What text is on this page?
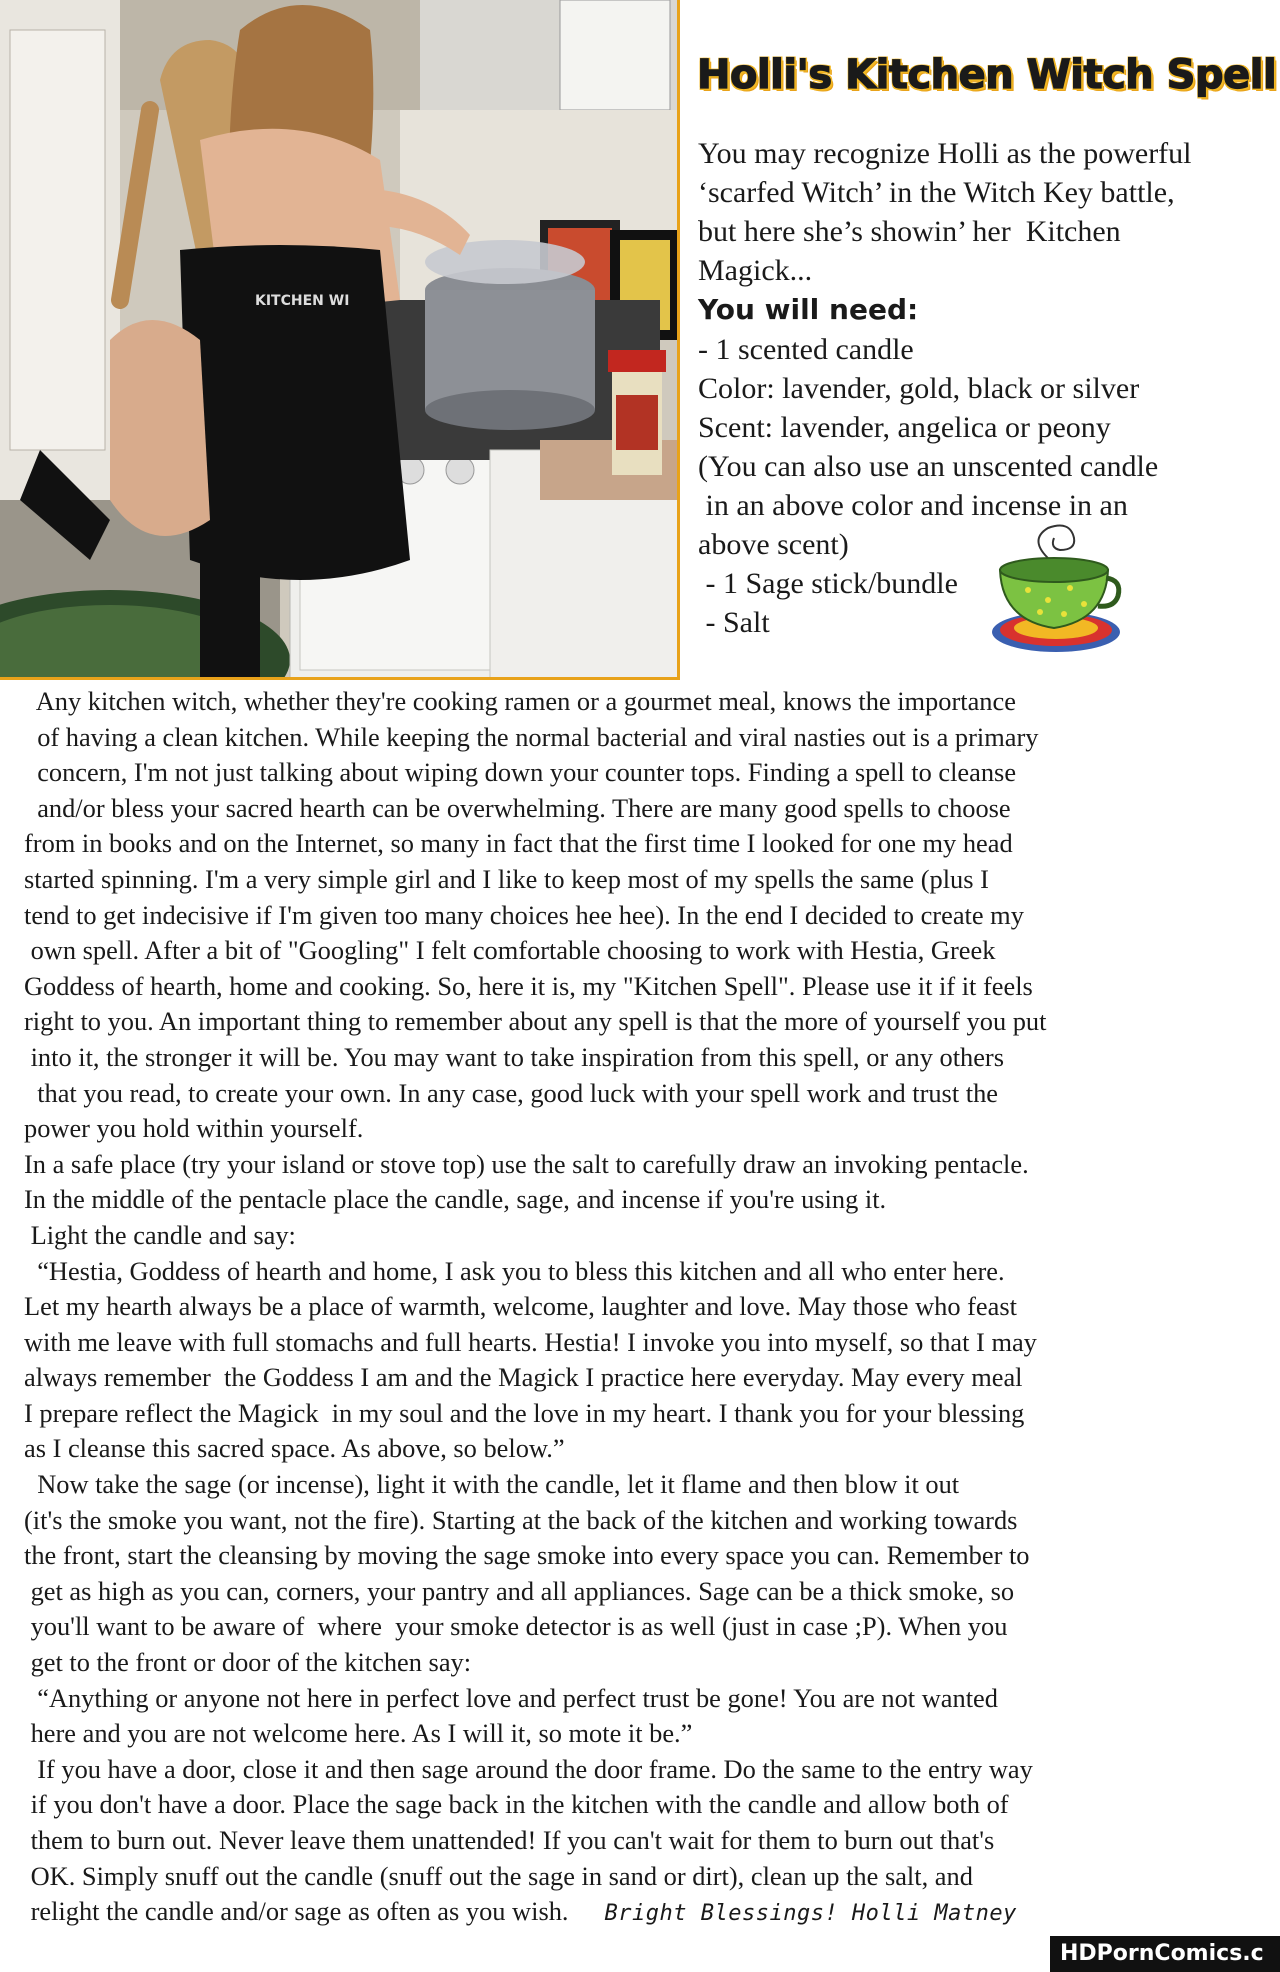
KITCHEN WI
Holli's Kitchen Witch Spell
You may recognize Holli as the powerful
‘scarfed Witch’ in the Witch Key battle,
but here she’s showin’ her  Kitchen
Magick...
You will need:
- 1 scented candle
Color: lavender, gold, black or silver
Scent: lavender, angelica or peony
(You can also use an unscented candle
in an above color and incense in an
above scent)
- 1 Sage stick/bundle
- Salt
Any kitchen witch, whether they're cooking ramen or a gourmet meal, knows the importance
of having a clean kitchen. While keeping the normal bacterial and viral nasties out is a primary
concern, I'm not just talking about wiping down your counter tops. Finding a spell to cleanse
and/or bless your sacred hearth can be overwhelming. There are many good spells to choose
from in books and on the Internet, so many in fact that the first time I looked for one my head
started spinning. I'm a very simple girl and I like to keep most of my spells the same (plus I
tend to get indecisive if I'm given too many choices hee hee). In the end I decided to create my
own spell. After a bit of "Googling" I felt comfortable choosing to work with Hestia, Greek
Goddess of hearth, home and cooking. So, here it is, my "Kitchen Spell". Please use it if it feels
right to you. An important thing to remember about any spell is that the more of yourself you put
into it, the stronger it will be. You may want to take inspiration from this spell, or any others
that you read, to create your own. In any case, good luck with your spell work and trust the
power you hold within yourself.
In a safe place (try your island or stove top) use the salt to carefully draw an invoking pentacle.
In the middle of the pentacle place the candle, sage, and incense if you're using it.
Light the candle and say:
“Hestia, Goddess of hearth and home, I ask you to bless this kitchen and all who enter here.
Let my hearth always be a place of warmth, welcome, laughter and love. May those who feast
with me leave with full stomachs and full hearts. Hestia! I invoke you into myself, so that I may
always remember  the Goddess I am and the Magick I practice here everyday. May every meal
I prepare reflect the Magick  in my soul and the love in my heart. I thank you for your blessing
as I cleanse this sacred space. As above, so below.”
Now take the sage (or incense), light it with the candle, let it flame and then blow it out
(it's the smoke you want, not the fire). Starting at the back of the kitchen and working towards
the front, start the cleansing by moving the sage smoke into every space you can. Remember to
get as high as you can, corners, your pantry and all appliances. Sage can be a thick smoke, so
you'll want to be aware of  where  your smoke detector is as well (just in case ;P). When you
get to the front or door of the kitchen say:
“Anything or anyone not here in perfect love and perfect trust be gone! You are not wanted
here and you are not welcome here. As I will it, so mote it be.”
If you have a door, close it and then sage around the door frame. Do the same to the entry way
if you don't have a door. Place the sage back in the kitchen with the candle and allow both of
them to burn out. Never leave them unattended! If you can't wait for them to burn out that's
OK. Simply snuff out the candle (snuff out the sage in sand or dirt), clean up the salt, and
relight the candle and/or sage as often as you wish. Bright Blessings! Holli Matney
HDPornComics.c
